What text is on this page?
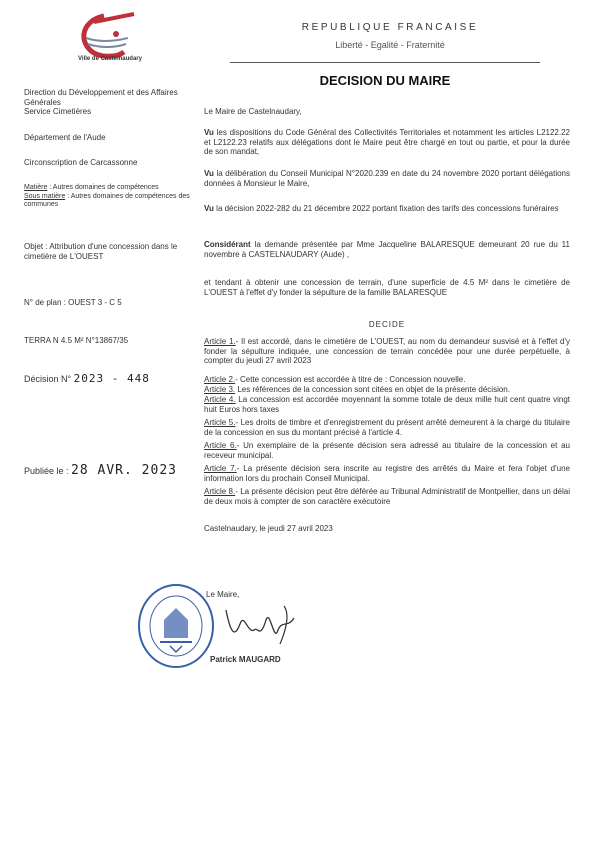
Ville de Castelnaudary
REPUBLIQUE FRANCAISE
Liberté - Egalité - Fraternité
DECISION DU MAIRE
Direction du Développement et des Affaires Générales
Service Cimetières
Département de l'Aude
Circonscription de Carcassonne
Matière : Autres domaines de compétences
Sous matière : Autres domaines de compétences des communes
Objet : Attribution d'une concession dans le cimetière de L'OUEST
N° de plan : OUEST 3 - C 5
TERRA N 4.5 M² N°13867/35
Décision N° 2023 - 448
Publiée le : 28 AVR. 2023
Le Maire de Castelnaudary,
Vu les dispositions du Code Général des Collectivités Territoriales et notamment les articles L2122.22 et L2122.23 relatifs aux délégations dont le Maire peut être chargé en tout ou partie, et pour la durée de son mandat,
Vu la délibération du Conseil Municipal N°2020.239 en date du 24 novembre 2020 portant délégations données à Monsieur le Maire,
Vu la décision 2022-282 du 21 décembre 2022 portant fixation des tarifs des concessions funéraires
Considérant la demande présentée par Mme Jacqueline BALARESQUE demeurant 20 rue du 11 novembre à CASTELNAUDARY (Aude) ,
et tendant à obtenir une concession de terrain, d'une superficie de 4.5 M² dans le cimetière de L'OUEST à l'effet d'y fonder la sépulture de la famille BALARESQUE
DECIDE
Article 1.- Il est accordé, dans le cimetière de L'OUEST, au nom du demandeur susvisé et à l'effet d'y fonder la sépulture indiquée, une concession de terrain concédée pour une durée perpétuelle, à compter du jeudi 27 avril 2023
Article 2.- Cette concession est accordée à titre de : Concession nouvelle.
Article 3. Les références de la concession sont citées en objet de la présente décision.
Article 4. La concession est accordée moyennant la somme totale de deux mille huit cent quatre vingt huit Euros hors taxes
Article 5.- Les droits de timbre et d'enregistrement du présent arrêté demeurent à la charge du titulaire de la concession en sus du montant précisé à l'article 4.
Article 6.- Un exemplaire de la présente décision sera adressé au titulaire de la concession et au receveur municipal.
Article 7.- La présente décision sera inscrite au registre des arrêtés du Maire et fera l'objet d'une information lors du prochain Conseil Municipal.
Article 8.- La présente décision peut être déférée au Tribunal Administratif de Montpellier, dans un délai de deux mois à compter de son caractère exécutoire
Castelnaudary, le jeudi 27 avril 2023
Le Maire,
Patrick MAUGARD
